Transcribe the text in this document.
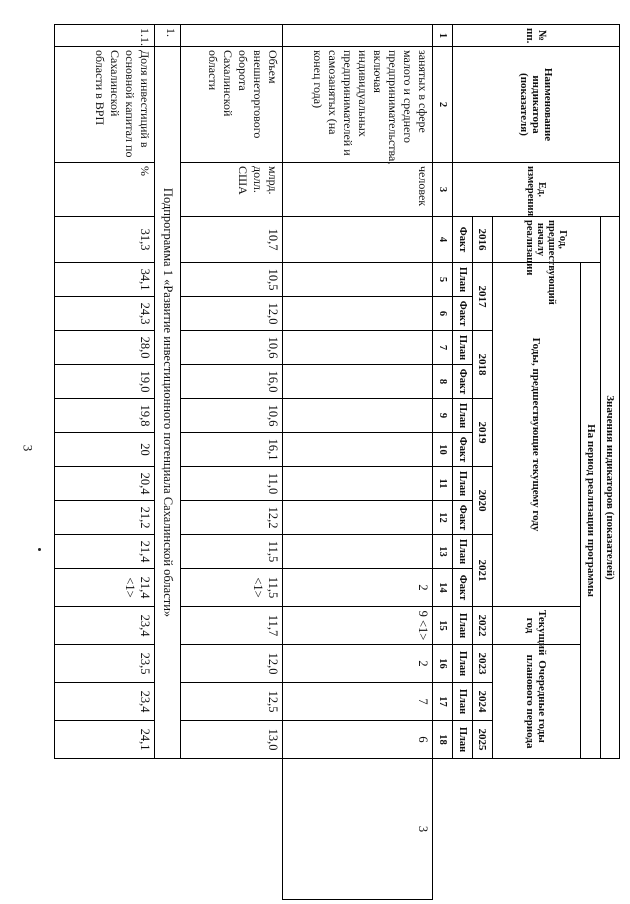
3
№ пп.	Наименование индикатора (показателя)	Ед. измерения	Значения индикаторов (показателей)															
			Год, предшествующий началу реализации	На период реализации программы														
				Годы, предшествующие текущему году										Текущий год	Очередные годы планового периода			
			2016	2017		2018		2019		2020		2021		2022	2023	2024	2025	
			Факт	План	Факт	План	Факт	План	Факт	План	Факт	План	Факт	План	План	План	План	
1	2	3	4	5	6	7	8	9	10	11	12	13	14	15	16	17	18	
	занятых в сфере малого и среднего предпринимательства, включая индивидуальных предпринимателей и самозанятых (на конец года)	человек											2	9 <1>	2	7	6	3
	Объем внешнеторгового оборота Сахалинской области	млрд. долл. США	10,7	10,5	12,0	10,6	16,0	10,6	16,1	11,0	12,2	11,5	11,5 <1>	11,7	12,0	12,5	13,0	
1.	Подпрограмма 1 «Развитие инвестиционного потенциала Сахалинской области»																	
1.1.	Доля инвестиций в основной капитал по Сахалинской области в ВРП	%	31,3	34,1	24,3	28,0	19,0	19,8	20	20,4	21,2	21,4	21,4 <1>	23,4	23,5	23,4	24,1	
